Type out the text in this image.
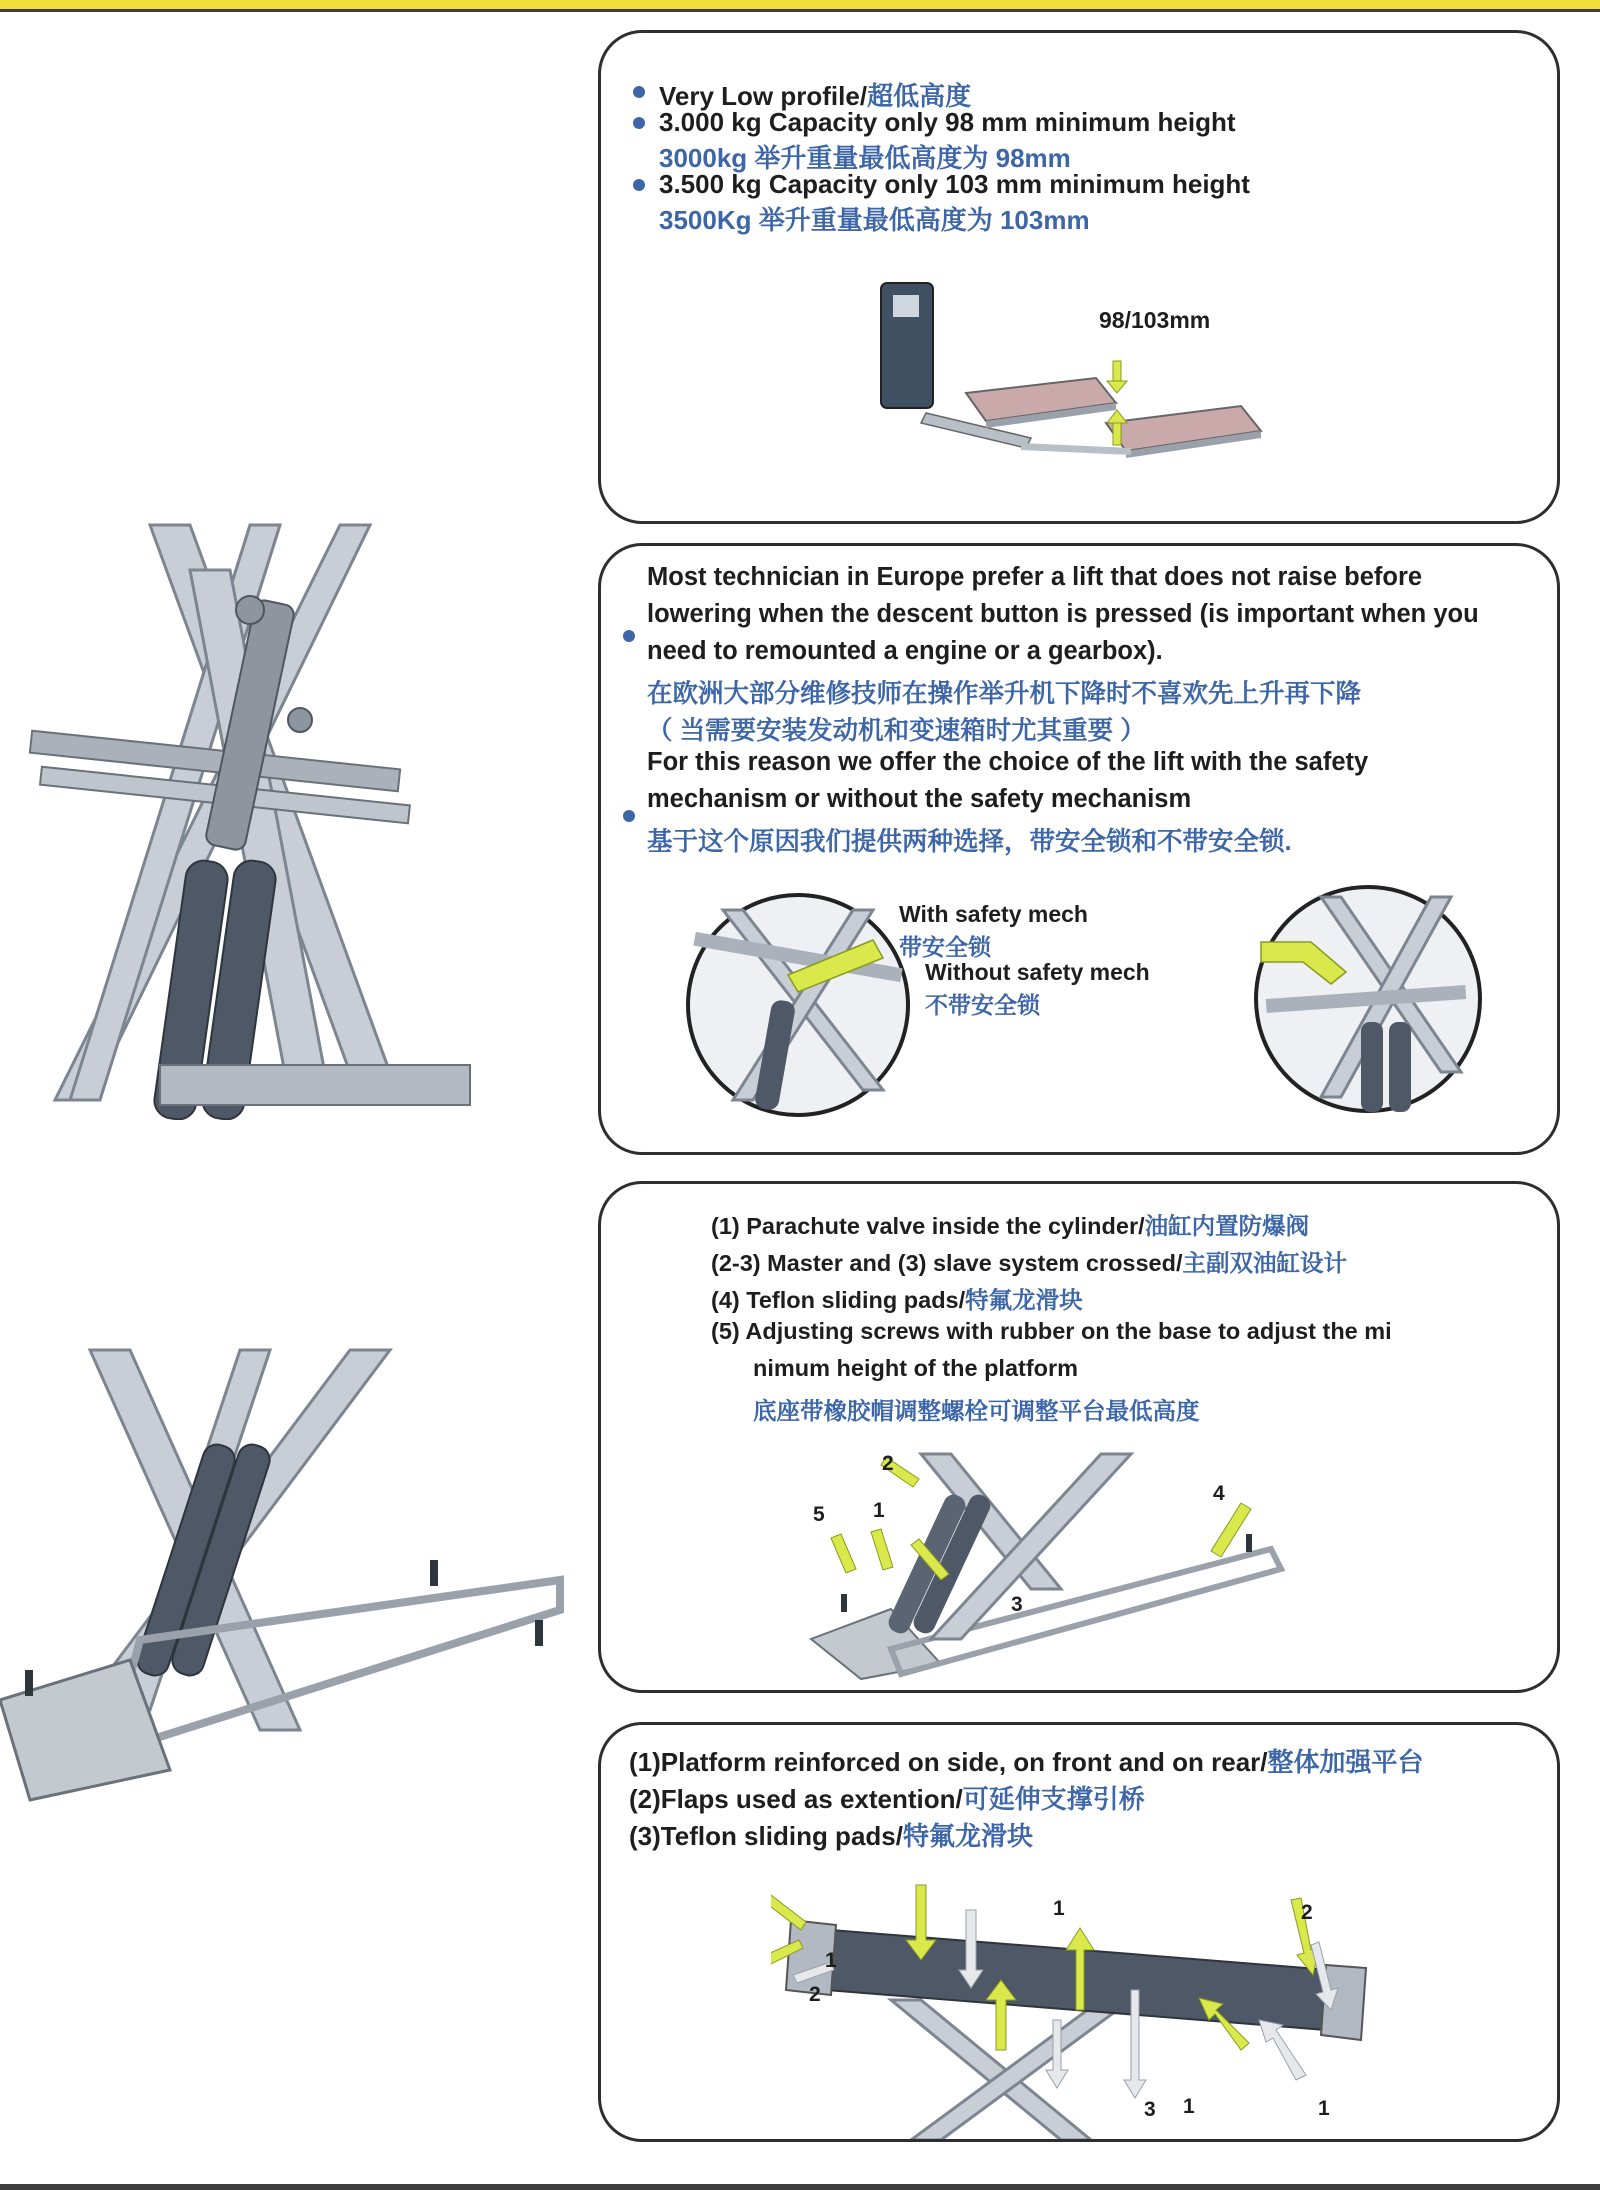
Very Low profile/超低高度
3.000 kg Capacity only 98 mm minimum height
3000kg 举升重量最低高度为 98mm
3.500 kg Capacity only 103 mm minimum height
3500Kg 举升重量最低高度为 103mm
98/103mm
Most technician in Europe prefer a lift that does not raise before
lowering when the descent button is pressed (is important when you
need to remounted a engine or a gearbox).
在欧洲大部分维修技师在操作举升机下降时不喜欢先上升再下降
（ 当需要安装发动机和变速箱时尤其重要 ）
For this reason we offer the choice of the lift with the safety
mechanism or without the safety mechanism
基于这个原因我们提供两种选择，带安全锁和不带安全锁.
With safety mech
带安全锁
Without safety mech
不带安全锁
(1) Parachute valve inside the cylinder/油缸内置防爆阀
(2-3) Master and (3) slave system crossed/主副双油缸设计
(4) Teflon sliding pads/特氟龙滑块
(5) Adjusting screws with rubber on the base to adjust the mi
nimum height of the platform
底座带橡胶帽调整螺栓可调整平台最低高度
2
5 1
3
4
(1)Platform reinforced on side, on front and on rear/整体加强平台
(2)Flaps used as extention/可延伸支撑引桥
(3)Teflon sliding pads/特氟龙滑块
1
1
2
2
3 1	1
